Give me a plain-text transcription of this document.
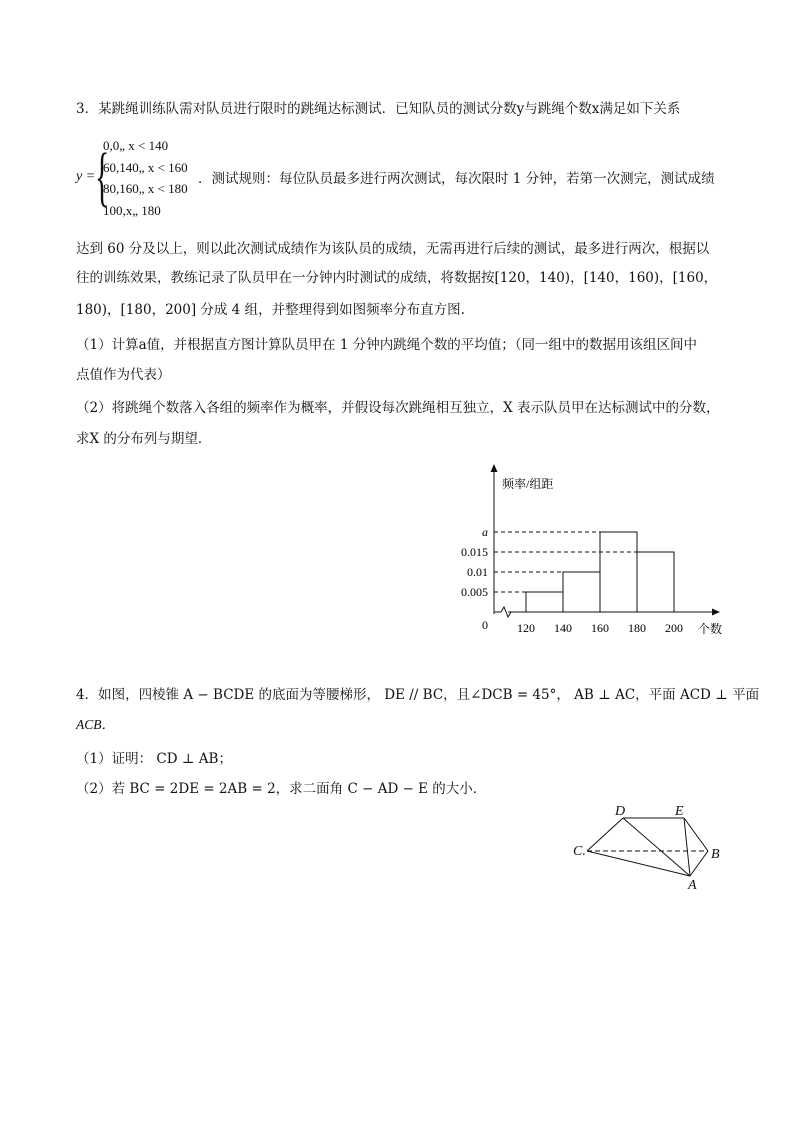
3．某跳绳训练队需对队员进行限时的跳绳达标测试．已知队员的测试分数y与跳绳个数x满足如下关系
y = {
0,0„ x < 140
60,140„ x < 160
80,160„ x < 180
100,x„ 180
．测试规则：每位队员最多进行两次测试，每次限时 1 分钟，若第一次测完，测试成绩
达到 60 分及以上，则以此次测试成绩作为该队员的成绩，无需再进行后续的测试，最多进行两次，根据以
往的训练效果，教练记录了队员甲在一分钟内时测试的成绩，将数据按[120，140)，[140，160)，[160，
180)，[180，200] 分成 4 组，并整理得到如图频率分布直方图.
（1）计算a值，并根据直方图计算队员甲在 1 分钟内跳绳个数的平均值；（同一组中的数据用该组区间中
点值作为代表）
（2）将跳绳个数落入各组的频率作为概率，并假设每次跳绳相互独立，X 表示队员甲在达标测试中的分数，
求X 的分布列与期望．
0.005
0.01
0.015
a
120 140 160 180 200
频率/组距
个数
0
4．如图，四棱锥 A − BCDE 的底面为等腰梯形， DE // BC，且∠DCB = 45°， AB ⊥ AC，平面 ACD ⊥ 平面
ACB．
（1）证明： CD ⊥ AB；
（2）若 BC = 2DE = 2AB = 2，求二面角 C − AD − E 的大小．
D	E
C.	B
A
